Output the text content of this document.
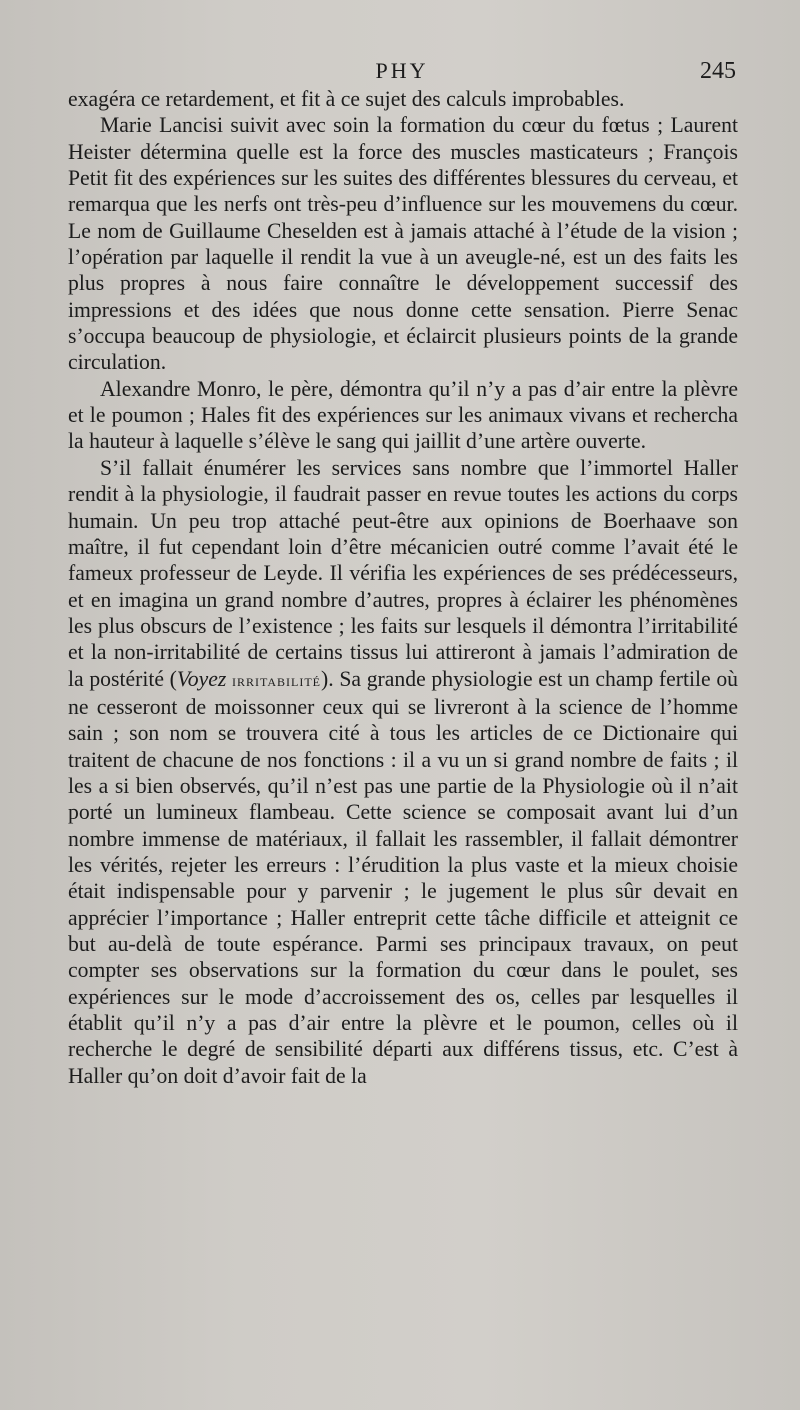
PHY	245

exagéra ce retardement, et fit à ce sujet des calculs improbables.

Marie Lancisi suivit avec soin la formation du cœur du fœtus ; Laurent Heister détermina quelle est la force des muscles masticateurs ; François Petit fit des expériences sur les suites des différentes blessures du cerveau, et remarqua que les nerfs ont très-peu d’influence sur les mouvemens du cœur. Le nom de Guillaume Cheselden est à jamais attaché à l’étude de la vision ; l’opération par laquelle il rendit la vue à un aveugle-né, est un des faits les plus propres à nous faire connaître le développement successif des impressions et des idées que nous donne cette sensation. Pierre Senac s’occupa beaucoup de physiologie, et éclaircit plusieurs points de la grande circulation.

Alexandre Monro, le père, démontra qu’il n’y a pas d’air entre la plèvre et le poumon ; Hales fit des expériences sur les animaux vivans et rechercha la hauteur à laquelle s’élève le sang qui jaillit d’une artère ouverte.

S’il fallait énumérer les services sans nombre que l’immortel Haller rendit à la physiologie, il faudrait passer en revue toutes les actions du corps humain. Un peu trop attaché peut-être aux opinions de Boerhaave son maître, il fut cependant loin d’être mécanicien outré comme l’avait été le fameux professeur de Leyde. Il vérifia les expériences de ses prédécesseurs, et en imagina un grand nombre d’autres, propres à éclairer les phénomènes les plus obscurs de l’existence ; les faits sur lesquels il démontra l’irritabilité et la non-irritabilité de certains tissus lui attireront à jamais l’admiration de la postérité (Voyez irritabilité). Sa grande physiologie est un champ fertile où ne cesseront de moissonner ceux qui se livreront à la science de l’homme sain ; son nom se trouvera cité à tous les articles de ce Dictionaire qui traitent de chacune de nos fonctions : il a vu un si grand nombre de faits ; il les a si bien observés, qu’il n’est pas une partie de la Physiologie où il n’ait porté un lumineux flambeau. Cette science se composait avant lui d’un nombre immense de matériaux, il fallait les rassembler, il fallait démontrer les vérités, rejeter les erreurs : l’érudition la plus vaste et la mieux choisie était indispensable pour y parvenir ; le jugement le plus sûr devait en apprécier l’importance ; Haller entreprit cette tâche difficile et atteignit ce but au-delà de toute espérance. Parmi ses principaux travaux, on peut compter ses observations sur la formation du cœur dans le poulet, ses expériences sur le mode d’accroissement des os, celles par lesquelles il établit qu’il n’y a pas d’air entre la plèvre et le poumon, celles où il recherche le degré de sensibilité départi aux différens tissus, etc. C’est à Haller qu’on doit d’avoir fait de la
